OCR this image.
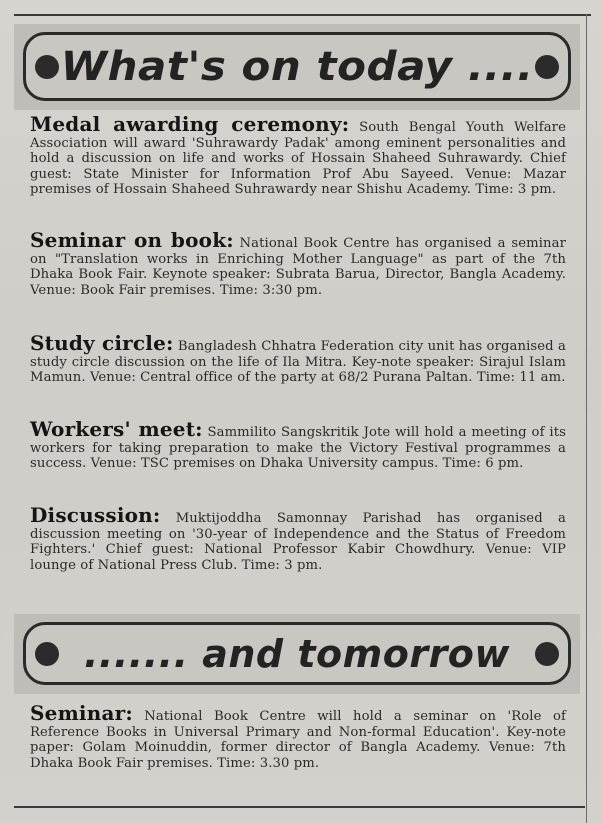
What's on today ....
Medal awarding ceremony: South Bengal Youth Welfare Association will award 'Suhrawardy Padak' among eminent personalities and hold a discussion on life and works of Hossain Shaheed Suhrawardy. Chief guest: State Minister for Information Prof Abu Sayeed. Venue: Mazar premises of Hossain Shaheed Suhrawardy near Shishu Academy. Time: 3 pm.
Seminar on book: National Book Centre has organised a seminar on "Translation works in Enriching Mother Language" as part of the 7th Dhaka Book Fair. Keynote speaker: Subrata Barua, Director, Bangla Academy. Venue: Book Fair premises. Time: 3:30 pm.
Study circle: Bangladesh Chhatra Federation city unit has organised a study circle discussion on the life of Ila Mitra. Key-note speaker: Sirajul Islam Mamun. Venue: Central office of the party at 68/2 Purana Paltan. Time: 11 am.
Workers' meet: Sammilito Sangskritik Jote will hold a meeting of its workers for taking preparation to make the Victory Festival programmes a success. Venue: TSC premises on Dhaka University campus. Time: 6 pm.
Discussion: Muktijoddha Samonnay Parishad has organised a discussion meeting on '30-year of Independence and the Status of Freedom Fighters.' Chief guest: National Professor Kabir Chowdhury. Venue: VIP lounge of National Press Club. Time: 3 pm.
....... and tomorrow
Seminar: National Book Centre will hold a seminar on 'Role of Reference Books in Universal Primary and Non-formal Education'. Key-note paper: Golam Moinuddin, former director of Bangla Academy. Venue: 7th Dhaka Book Fair premises. Time: 3.30 pm.
